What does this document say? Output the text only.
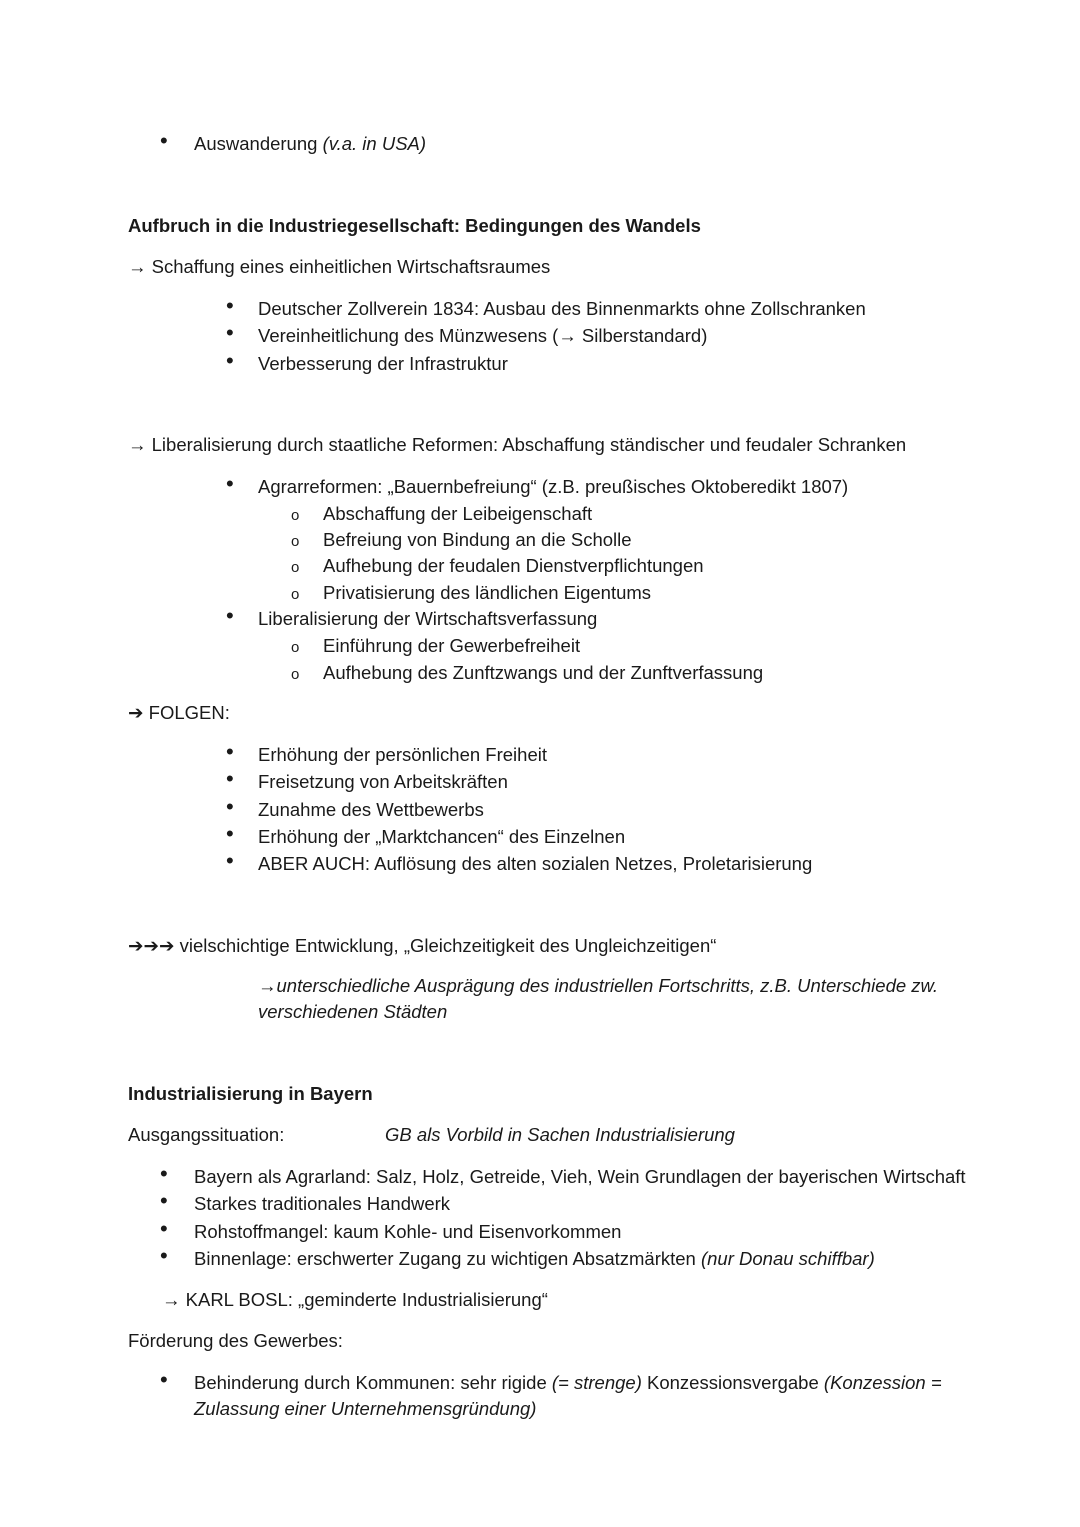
•
Auswanderung (v.a. in USA)
Aufbruch in die Industriegesellschaft: Bedingungen des Wandels
→ Schaffung eines einheitlichen Wirtschaftsraumes
•
Deutscher Zollverein 1834: Ausbau des Binnenmarkts ohne Zollschranken
•
Vereinheitlichung des Münzwesens (→ Silberstandard)
•
Verbesserung der Infrastruktur
→ Liberalisierung durch staatliche Reformen: Abschaffung ständischer und feudaler Schranken
•
Agrarreformen: „Bauernbefreiung“ (z.B. preußisches Oktoberedikt 1807)
o
Abschaffung der Leibeigenschaft
o
Befreiung von Bindung an die Scholle
o
Aufhebung der feudalen Dienstverpflichtungen
o
Privatisierung des ländlichen Eigentums
•
Liberalisierung der Wirtschaftsverfassung
o
Einführung der Gewerbefreiheit
o
Aufhebung des Zunftzwangs und der Zunftverfassung
➔ FOLGEN:
•
Erhöhung der persönlichen Freiheit
•
Freisetzung von Arbeitskräften
•
Zunahme des Wettbewerbs
•
Erhöhung der „Marktchancen“ des Einzelnen
•
ABER AUCH: Auflösung des alten sozialen Netzes, Proletarisierung
➔➔➔ vielschichtige Entwicklung, „Gleichzeitigkeit des Ungleichzeitigen“
→unterschiedliche Ausprägung des industriellen Fortschritts, z.B. Unterschiede zw.
verschiedenen Städten
Industrialisierung in Bayern
Ausgangssituation:	GB als Vorbild in Sachen Industrialisierung
•
Bayern als Agrarland: Salz, Holz, Getreide, Vieh, Wein Grundlagen der bayerischen Wirtschaft
•
Starkes traditionales Handwerk
•
Rohstoffmangel: kaum Kohle- und Eisenvorkommen
•
Binnenlage: erschwerter Zugang zu wichtigen Absatzmärkten (nur Donau schiffbar)
→ KARL BOSL: „geminderte Industrialisierung“
Förderung des Gewerbes:
•
Behinderung durch Kommunen: sehr rigide (= strenge) Konzessionsvergabe (Konzession =
Zulassung einer Unternehmensgründung)
